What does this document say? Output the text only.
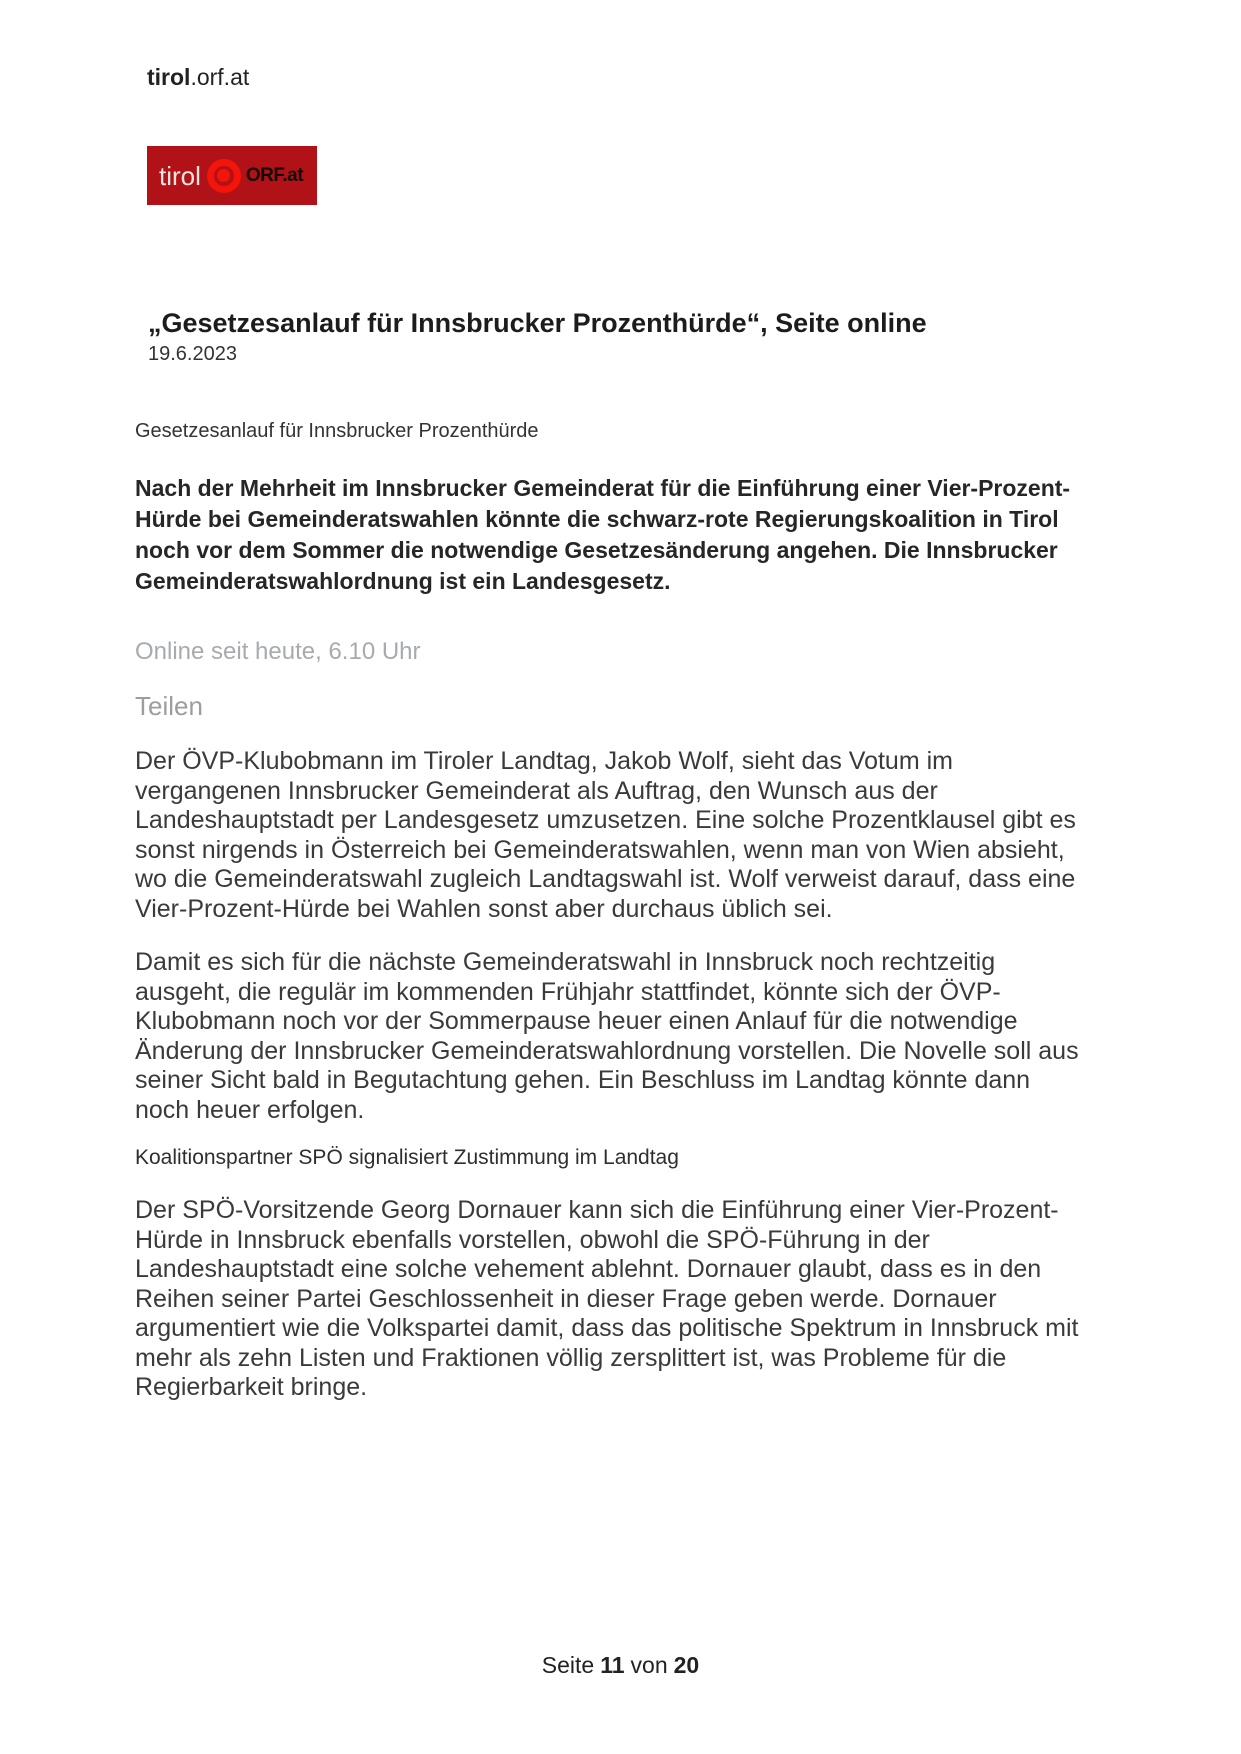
tirol.orf.at
tirol ORF.at
„Gesetzesanlauf für Innsbrucker Prozenthürde“, Seite online
19.6.2023
Gesetzesanlauf für Innsbrucker Prozenthürde

Nach der Mehrheit im Innsbrucker Gemeinderat für die Einführung einer Vier-Prozent-Hürde bei Gemeinderatswahlen könnte die schwarz-rote Regierungskoalition in Tirol noch vor dem Sommer die notwendige Gesetzesänderung angehen. Die Innsbrucker Gemeinderatswahlordnung ist ein Landesgesetz.

Online seit heute, 6.10 Uhr
Teilen

Der ÖVP-Klubobmann im Tiroler Landtag, Jakob Wolf, sieht das Votum im vergangenen Innsbrucker Gemeinderat als Auftrag, den Wunsch aus der Landeshauptstadt per Landesgesetz umzusetzen. Eine solche Prozentklausel gibt es sonst nirgends in Österreich bei Gemeinderatswahlen, wenn man von Wien absieht, wo die Gemeinderatswahl zugleich Landtagswahl ist. Wolf verweist darauf, dass eine Vier-Prozent-Hürde bei Wahlen sonst aber durchaus üblich sei.

Damit es sich für die nächste Gemeinderatswahl in Innsbruck noch rechtzeitig ausgeht, die regulär im kommenden Frühjahr stattfindet, könnte sich der ÖVP-Klubobmann noch vor der Sommerpause heuer einen Anlauf für die notwendige Änderung der Innsbrucker Gemeinderatswahlordnung vorstellen. Die Novelle soll aus seiner Sicht bald in Begutachtung gehen. Ein Beschluss im Landtag könnte dann noch heuer erfolgen.

Koalitionspartner SPÖ signalisiert Zustimmung im Landtag

Der SPÖ-Vorsitzende Georg Dornauer kann sich die Einführung einer Vier-Prozent-Hürde in Innsbruck ebenfalls vorstellen, obwohl die SPÖ-Führung in der Landeshauptstadt eine solche vehement ablehnt. Dornauer glaubt, dass es in den Reihen seiner Partei Geschlossenheit in dieser Frage geben werde. Dornauer argumentiert wie die Volkspartei damit, dass das politische Spektrum in Innsbruck mit mehr als zehn Listen und Fraktionen völlig zersplittert ist, was Probleme für die Regierbarkeit bringe.

Seite 11 von 20
